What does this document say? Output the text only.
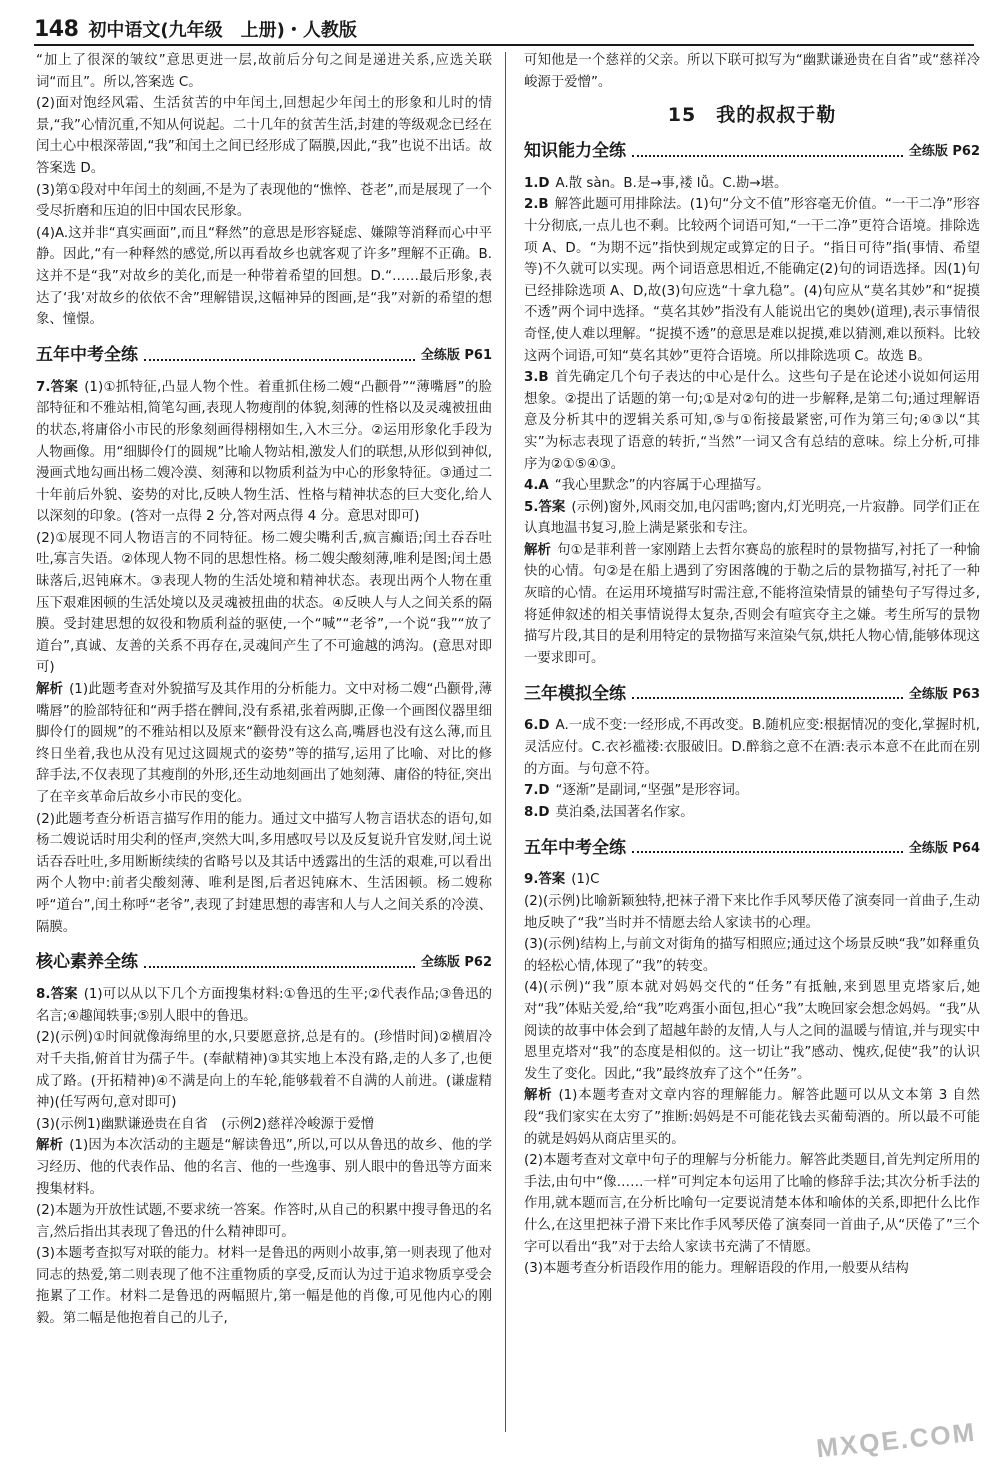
148 初中语文(九年级　上册)・人教版

“加上了很深的皱纹”意思更进一层,故前后分句之间是递进关系,应选关联词“而且”。所以,答案选 C。

(2)面对饱经风霜、生活贫苦的中年闰土,回想起少年闰土的形象和儿时的情景,“我”心情沉重,不知从何说起。二十几年的贫苦生活,封建的等级观念已经在闰土心中根深蒂固,“我”和闰土之间已经形成了隔膜,因此,“我”也说不出话。故答案选 D。

(3)第①段对中年闰土的刻画,不是为了表现他的“憔悴、苍老”,而是展现了一个受尽折磨和压迫的旧中国农民形象。

(4)A.这并非“真实画面”,而且“释然”的意思是形容疑虑、嫌隙等消释而心中平静。因此,“有一种释然的感觉,所以再看故乡也就客观了许多”理解不正确。B.这并不是“我”对故乡的美化,而是一种带着希望的回想。D.“……最后形象,表达了‘我’对故乡的依依不舍”理解错误,这幅神异的图画,是“我”对新的希望的想象、憧憬。

五年中考全练	全练版 P61

7.答案 (1)①抓特征,凸显人物个性。着重抓住杨二嫂“凸颧骨”“薄嘴唇”的脸部特征和不雅站相,简笔勾画,表现人物瘦削的体貌,刻薄的性格以及灵魂被扭曲的状态,将庸俗小市民的形象刻画得栩栩如生,入木三分。②运用形象化手段为人物画像。用“细脚伶仃的圆规”比喻人物站相,激发人们的联想,从形似到神似,漫画式地勾画出杨二嫂冷漠、刻薄和以物质利益为中心的形象特征。③通过二十年前后外貌、姿势的对比,反映人物生活、性格与精神状态的巨大变化,给人以深刻的印象。(答对一点得 2 分,答对两点得 4 分。意思对即可)

(2)①展现不同人物语言的不同特征。杨二嫂尖嘴利舌,疯言癫语;闰土吞吞吐吐,寡言失语。②体现人物不同的思想性格。杨二嫂尖酸刻薄,唯利是图;闰土愚昧落后,迟钝麻木。③表现人物的生活处境和精神状态。表现出两个人物在重压下艰难困顿的生活处境以及灵魂被扭曲的状态。④反映人与人之间关系的隔膜。受封建思想的奴役和物质利益的驱使,一个“喊”“老爷”,一个说“我”“放了道台”,真诚、友善的关系不再存在,灵魂间产生了不可逾越的鸿沟。(意思对即可)

解析 (1)此题考查对外貌描写及其作用的分析能力。文中对杨二嫂“凸颧骨,薄嘴唇”的脸部特征和“两手搭在髀间,没有系裙,张着两脚,正像一个画图仪器里细脚伶仃的圆规”的不雅站相以及原来“颧骨没有这么高,嘴唇也没有这么薄,而且终日坐着,我也从没有见过这圆规式的姿势”等的描写,运用了比喻、对比的修辞手法,不仅表现了其瘦削的外形,还生动地刻画出了她刻薄、庸俗的特征,突出了在辛亥革命后故乡小市民的变化。

(2)此题考查分析语言描写作用的能力。通过文中描写人物言语状态的语句,如杨二嫂说话时用尖利的怪声,突然大叫,多用感叹号以及反复说升官发财,闰土说话吞吞吐吐,多用断断续续的省略号以及其话中透露出的生活的艰难,可以看出两个人物中:前者尖酸刻薄、唯利是图,后者迟钝麻木、生活困顿。杨二嫂称呼“道台”,闰土称呼“老爷”,表现了封建思想的毒害和人与人之间关系的冷漠、隔膜。

核心素养全练	全练版 P62

8.答案 (1)可以从以下几个方面搜集材料:①鲁迅的生平;②代表作品;③鲁迅的名言;④趣闻轶事;⑤别人眼中的鲁迅。

(2)(示例)①时间就像海绵里的水,只要愿意挤,总是有的。(珍惜时间)②横眉冷对千夫指,俯首甘为孺子牛。(奉献精神)③其实地上本没有路,走的人多了,也便成了路。(开拓精神)④不满是向上的车轮,能够载着不自满的人前进。(谦虚精神)(任写两句,意对即可)

(3)(示例1)幽默谦逊贵在自省　(示例2)慈祥冷峻源于爱憎

解析 (1)因为本次活动的主题是“解读鲁迅”,所以,可以从鲁迅的故乡、他的学习经历、他的代表作品、他的名言、他的一些逸事、别人眼中的鲁迅等方面来搜集材料。

(2)本题为开放性试题,不要求统一答案。作答时,从自己的积累中搜寻鲁迅的名言,然后指出其表现了鲁迅的什么精神即可。

(3)本题考查拟写对联的能力。材料一是鲁迅的两则小故事,第一则表现了他对同志的热爱,第二则表现了他不注重物质的享受,反而认为过于追求物质享受会拖累了工作。材料二是鲁迅的两幅照片,第一幅是他的肖像,可见他内心的刚毅。第二幅是他抱着自己的儿子,

可知他是一个慈祥的父亲。所以下联可拟写为“幽默谦逊贵在自省”或“慈祥冷峻源于爱憎”。

15　我的叔叔于勒
知识能力全练	全练版 P62

1.D A.散 sàn。B.是→事,褛 lǚ。C.勘→堪。

2.B 解答此题可用排除法。(1)句“分文不值”形容毫无价值。“一干二净”形容十分彻底,一点儿也不剩。比较两个词语可知,“一干二净”更符合语境。排除选项 A、D。“为期不远”指快到规定或算定的日子。“指日可待”指(事情、希望等)不久就可以实现。两个词语意思相近,不能确定(2)句的词语选择。因(1)句已经排除选项 A、D,故(3)句应选“十拿九稳”。(4)句应从“莫名其妙”和“捉摸不透”两个词中选择。“莫名其妙”指没有人能说出它的奥妙(道理),表示事情很奇怪,使人难以理解。“捉摸不透”的意思是难以捉摸,难以猜测,难以预料。比较这两个词语,可知“莫名其妙”更符合语境。所以排除选项 C。故选 B。

3.B 首先确定几个句子表达的中心是什么。这些句子是在论述小说如何运用想象。②提出了话题的第一句;①是对②句的进一步解释,是第二句;通过理解语意及分析其中的逻辑关系可知,⑤与①衔接最紧密,可作为第三句;④③以“其实”为标志表现了语意的转折,“当然”一词又含有总结的意味。综上分析,可排序为②①⑤④③。

4.A “我心里默念”的内容属于心理描写。

5.答案 (示例)窗外,风雨交加,电闪雷鸣;窗内,灯光明亮,一片寂静。同学们正在认真地温书复习,脸上满是紧张和专注。

解析 句①是菲利普一家刚踏上去哲尔赛岛的旅程时的景物描写,衬托了一种愉快的心情。句②是在船上遇到了穷困落魄的于勒之后的景物描写,衬托了一种灰暗的心情。在运用环境描写时需注意,不能将渲染情景的铺垫句子写得过多,将延伸叙述的相关事情说得太复杂,否则会有喧宾夺主之嫌。考生所写的景物描写片段,其目的是利用特定的景物描写来渲染气氛,烘托人物心情,能够体现这一要求即可。

三年模拟全练	全练版 P63

6.D A.一成不变:一经形成,不再改变。B.随机应变:根据情况的变化,掌握时机,灵活应付。C.衣衫褴褛:衣服破旧。D.醉翁之意不在酒:表示本意不在此而在别的方面。与句意不符。

7.D “逐渐”是副词,“坚强”是形容词。

8.D 莫泊桑,法国著名作家。

五年中考全练	全练版 P64

9.答案 (1)C

(2)(示例)比喻新颖独特,把袜子滑下来比作手风琴厌倦了演奏同一首曲子,生动地反映了“我”当时并不情愿去给人家读书的心理。

(3)(示例)结构上,与前文对街角的描写相照应;通过这个场景反映“我”如释重负的轻松心情,体现了“我”的转变。

(4)(示例)“我”原本就对妈妈交代的“任务”有抵触,来到恩里克塔家后,她对“我”体贴关爱,给“我”吃鸡蛋小面包,担心“我”太晚回家会想念妈妈。“我”从阅读的故事中体会到了超越年龄的友情,人与人之间的温暖与情谊,并与现实中恩里克塔对“我”的态度是相似的。这一切让“我”感动、愧疚,促使“我”的认识发生了变化。因此,“我”最终放弃了这个“任务”。

解析 (1)本题考查对文章内容的理解能力。解答此题可以从文本第 3 自然段“我们家实在太穷了”推断:妈妈是不可能花钱去买葡萄酒的。所以最不可能的就是妈妈从商店里买的。

(2)本题考查对文章中句子的理解与分析能力。解答此类题目,首先判定所用的手法,由句中“像……一样”可判定本句运用了比喻的修辞手法;其次分析手法的作用,就本题而言,在分析比喻句一定要说清楚本体和喻体的关系,即把什么比作什么,在这里把袜子滑下来比作手风琴厌倦了演奏同一首曲子,从“厌倦了”三个字可以看出“我”对于去给人家读书充满了不情愿。

(3)本题考查分析语段作用的能力。理解语段的作用,一般要从结构

MXQE.COM
